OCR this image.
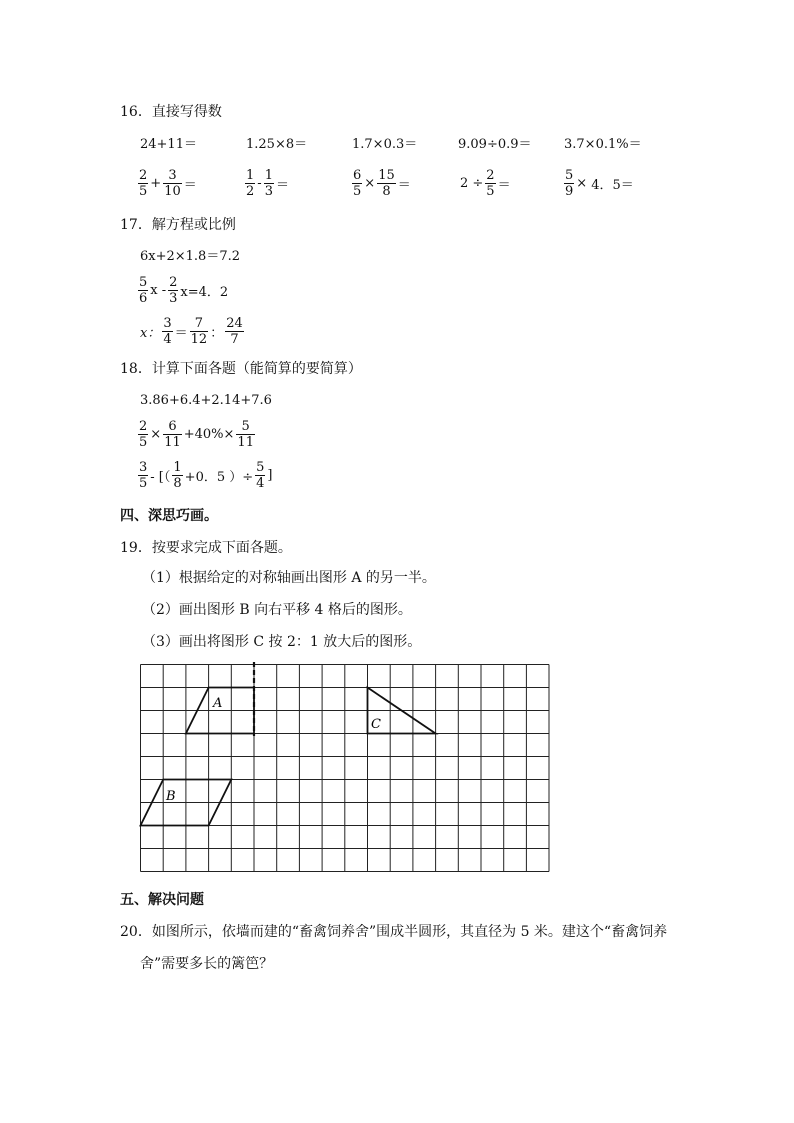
16．直接写得数
24+11＝	1.25×8＝	1.7×0.3＝	9.09÷0.9＝ 3.7×0.1%＝
$\frac{2}{5} + \frac{3}{10}$ ＝	$\frac{1}{2} - \frac{1}{3}$ ＝	$\frac{6}{5} \times \frac{15}{8}$ ＝	$2 \div \frac{2}{5}$ ＝	$\frac{5}{9} \times 4$．5＝
17．解方程或比例
6x+2×1.8＝7.2
$\frac{5}{6}$ $x - \frac{2}{3} x=4$．2
x： $\frac{3}{4} = \frac{7}{12}$ ： $\frac{24}{7}$
18．计算下面各题（能简算的要简算）
3.86+6.4+2.14+7.6
$\frac{2}{5} \times \frac{6}{11} +40\%\times \frac{5}{11}$
$\frac{3}{5}$ - [（ $\frac{1}{8} +0$．5 ）÷ $\frac{5}{4}$ ]
四、深思巧画。
19．按要求完成下面各题。
（1）根据给定的对称轴画出图形 A 的另一半。
（2）画出图形 B 向右平移 4 格后的图形。
（3）画出将图形 C 按 2：1 放大后的图形。
A
B
C
五、解决问题
20．如图所示，依墙而建的“畜禽饲养舍”围成半圆形，其直径为 5 米。建这个“畜禽饲养
舍”需要多长的篱笆？
